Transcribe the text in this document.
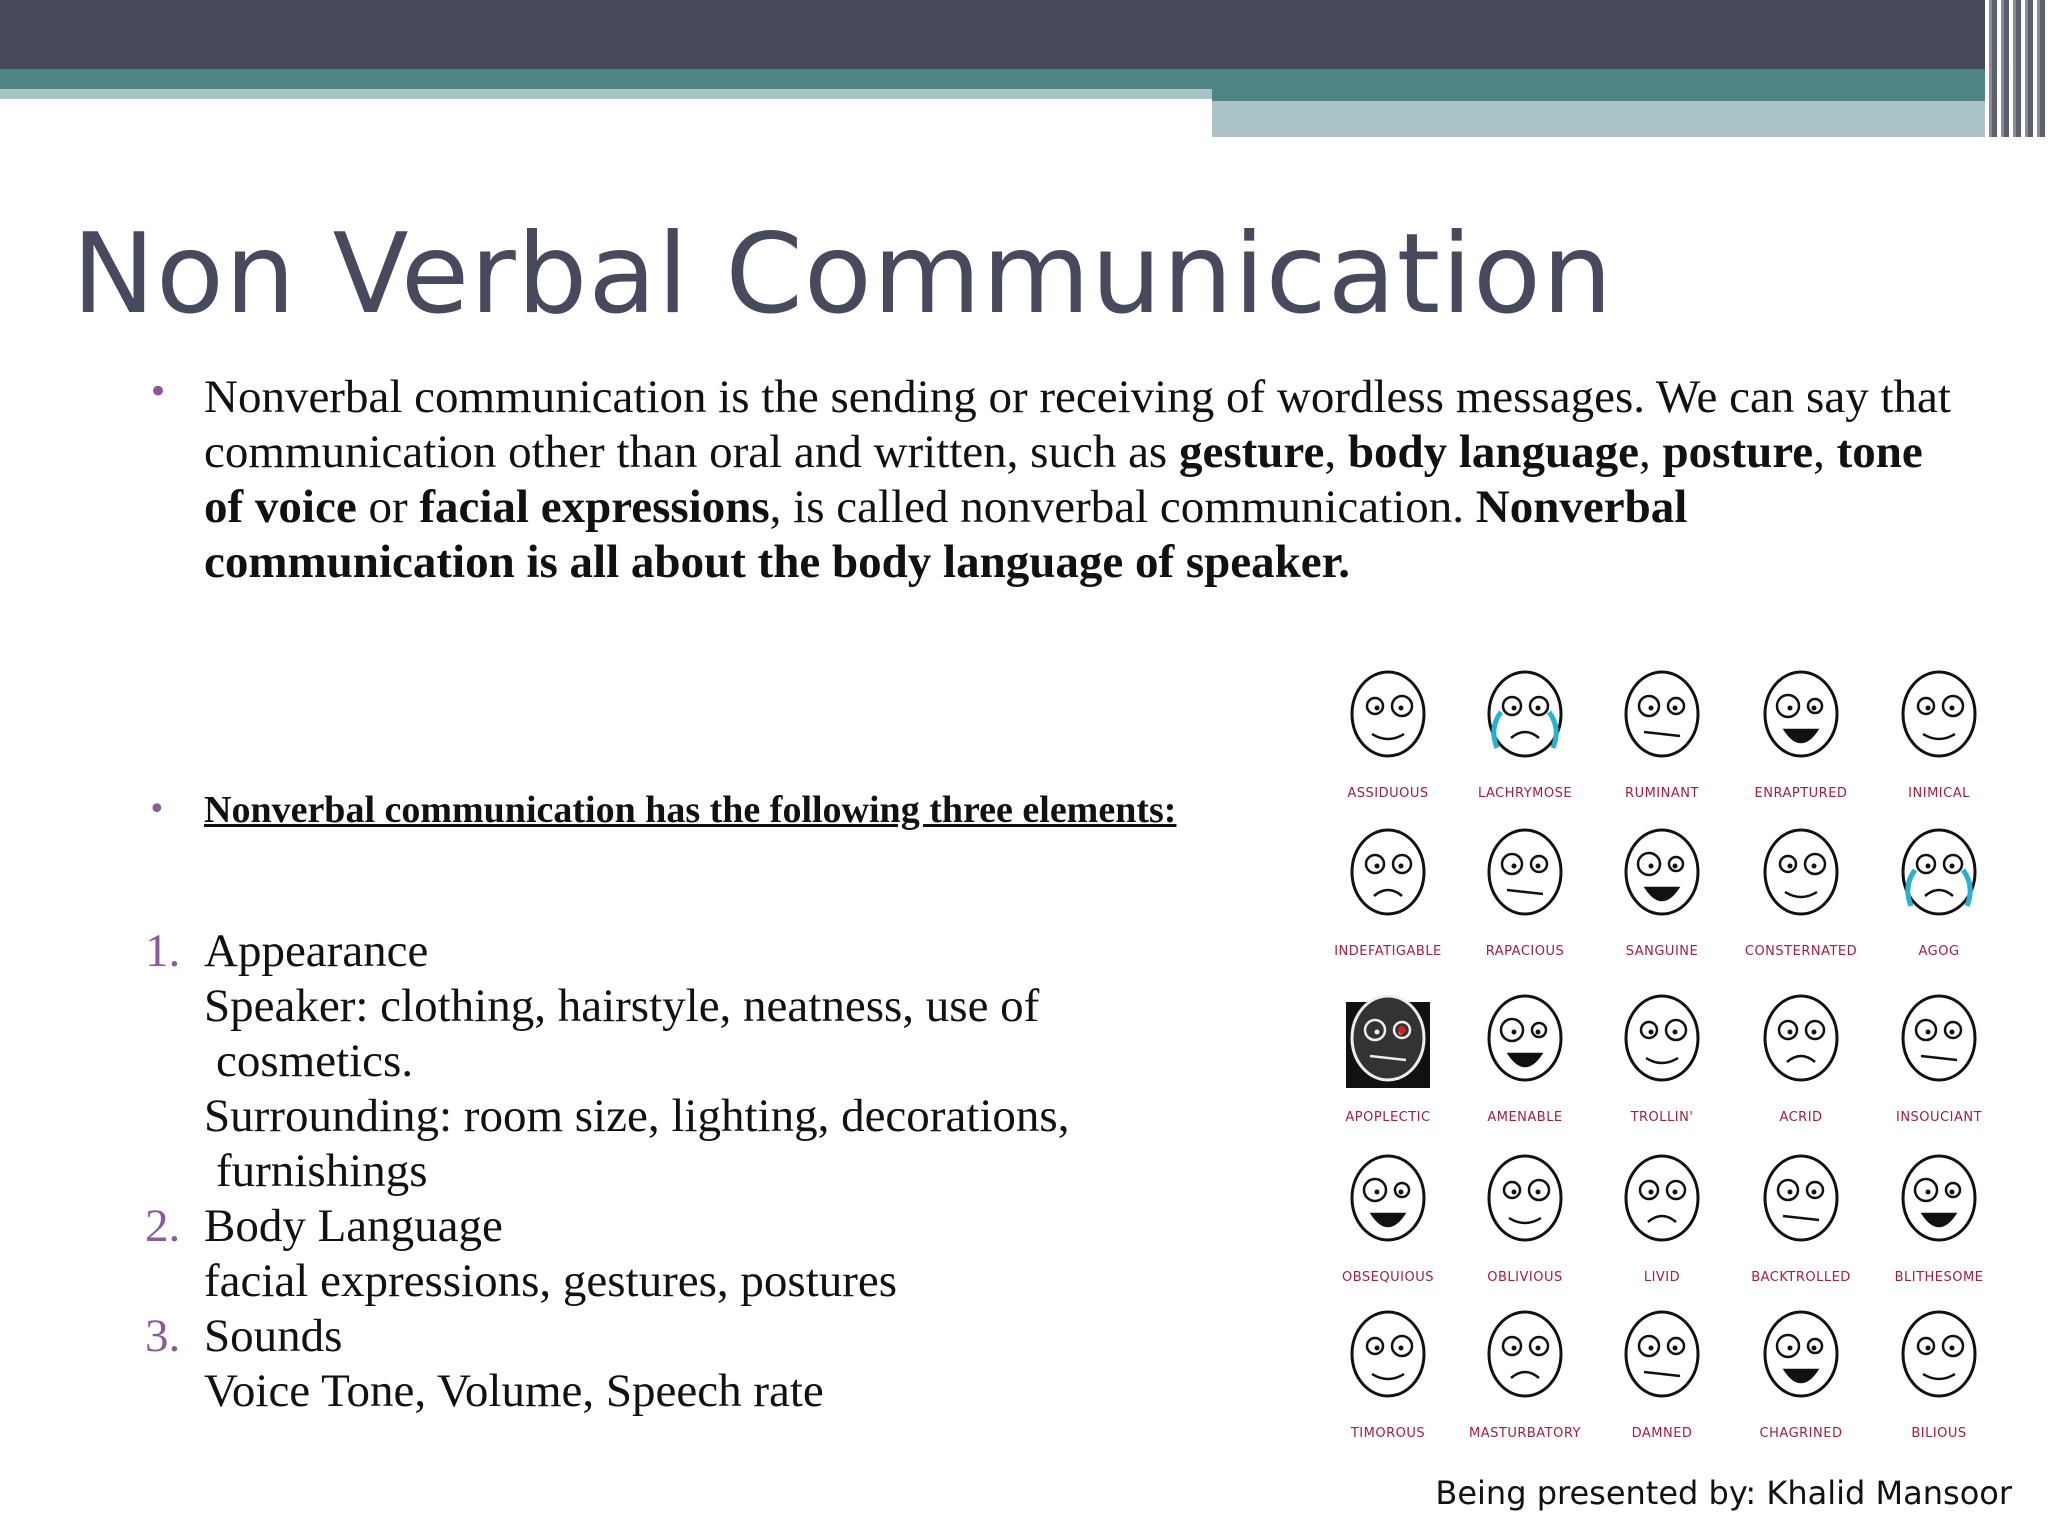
Non Verbal Communication
• Nonverbal communication is the sending or receiving of wordless messages. We can say that communication other than oral and written, such as gesture, body language, posture, tone of voice or facial expressions, is called nonverbal communication. Nonverbal communication is all about the body language of speaker.

• Nonverbal communication has the following three elements:

1. Appearance
Speaker: clothing, hairstyle, neatness, use of
cosmetics.
Surrounding: room size, lighting, decorations,
furnishings
2. Body Language
facial expressions, gestures, postures
3. Sounds
Voice Tone, Volume, Speech rate
ASSIDUOUS	LACHRYMOSE	RUMINANT	ENRAPTURED	INIMICAL
INDEFATIGABLE	RAPACIOUS	SANGUINE	CONSTERNATED	AGOG
APOPLECTIC	AMENABLE	TROLLIN'	ACRID	INSOUCIANT
OBSEQUIOUS	OBLIVIOUS	LIVID	BACKTROLLED	BLITHESOME
TIMOROUS	MASTURBATORY	DAMNED	CHAGRINED	BILIOUS
Being presented by: Khalid Mansoor
